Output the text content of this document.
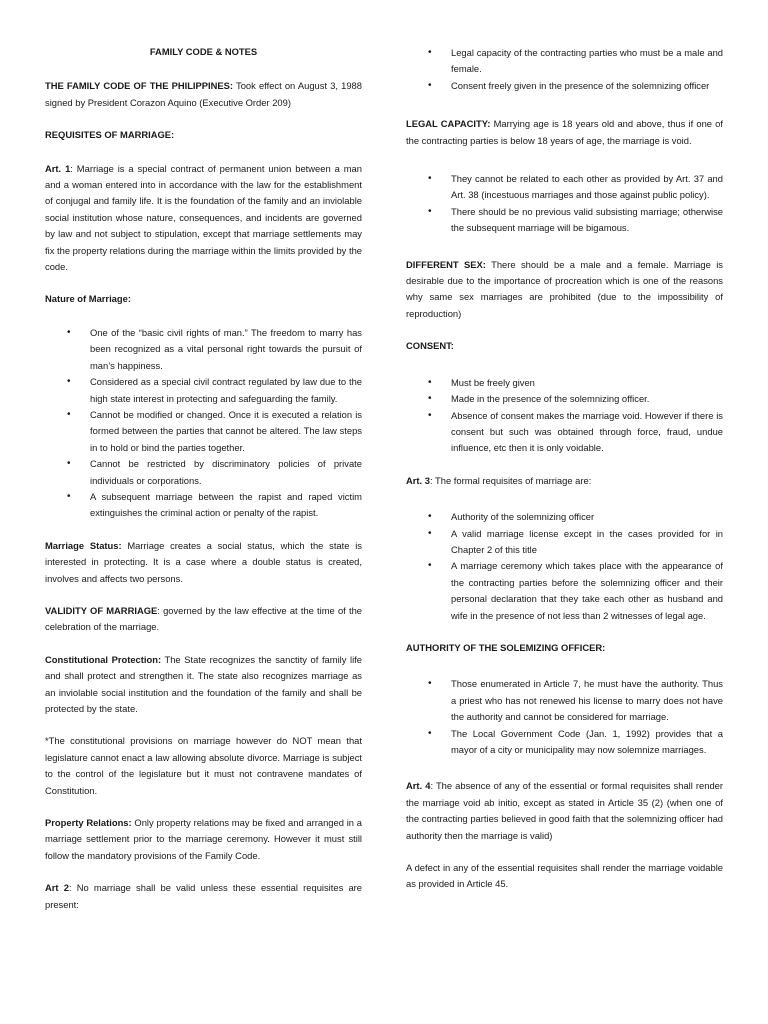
FAMILY CODE & NOTES

THE FAMILY CODE OF THE PHILIPPINES: Took effect on August 3, 1988 signed by President Corazon Aquino (Executive Order 209)

REQUISITES OF MARRIAGE:

Art. 1: Marriage is a special contract of permanent union between a man and a woman entered into in accordance with the law for the establishment of conjugal and family life. It is the foundation of the family and an inviolable social institution whose nature, consequences, and incidents are governed by law and not subject to stipulation, except that marriage settlements may fix the property relations during the marriage within the limits provided by the code.

Nature of Marriage:
• One of the “basic civil rights of man.” The freedom to marry has been recognized as a vital personal right towards the pursuit of man’s happiness.
• Considered as a special civil contract regulated by law due to the high state interest in protecting and safeguarding the family.
• Cannot be modified or changed. Once it is executed a relation is formed between the parties that cannot be altered. The law steps in to hold or bind the parties together.
• Cannot be restricted by discriminatory policies of private individuals or corporations.
• A subsequent marriage between the rapist and raped victim extinguishes the criminal action or penalty of the rapist.

Marriage Status: Marriage creates a social status, which the state is interested in protecting. It is a case where a double status is created, involves and affects two persons.

VALIDITY OF MARRIAGE: governed by the law effective at the time of the celebration of the marriage.

Constitutional Protection: The State recognizes the sanctity of family life and shall protect and strengthen it. The state also recognizes marriage as an inviolable social institution and the foundation of the family and shall be protected by the state.

*The constitutional provisions on marriage however do NOT mean that legislature cannot enact a law allowing absolute divorce. Marriage is subject to the control of the legislature but it must not contravene mandates of Constitution.

Property Relations: Only property relations may be fixed and arranged in a marriage settlement prior to the marriage ceremony. However it must still follow the mandatory provisions of the Family Code.

Art 2: No marriage shall be valid unless these essential requisites are present:

• Legal capacity of the contracting parties who must be a male and female.
• Consent freely given in the presence of the solemnizing officer

LEGAL CAPACITY: Marrying age is 18 years old and above, thus if one of the contracting parties is below 18 years of age, the marriage is void.

• They cannot be related to each other as provided by Art. 37 and Art. 38 (incestuous marriages and those against public policy).
• There should be no previous valid subsisting marriage; otherwise the subsequent marriage will be bigamous.

DIFFERENT SEX: There should be a male and a female. Marriage is desirable due to the importance of procreation which is one of the reasons why same sex marriages are prohibited (due to the impossibility of reproduction)

CONSENT:
• Must be freely given
• Made in the presence of the solemnizing officer.
• Absence of consent makes the marriage void. However if there is consent but such was obtained through force, fraud, undue influence, etc then it is only voidable.

Art. 3: The formal requisites of marriage are:

• Authority of the solemnizing officer
• A valid marriage license except in the cases provided for in Chapter 2 of this title
• A marriage ceremony which takes place with the appearance of the contracting parties before the solemnizing officer and their personal declaration that they take each other as husband and wife in the presence of not less than 2 witnesses of legal age.
AUTHORITY OF THE SOLEMIZING OFFICER:
• Those enumerated in Article 7, he must have the authority. Thus a priest who has not renewed his license to marry does not have the authority and cannot be considered for marriage.
• The Local Government Code (Jan. 1, 1992) provides that a mayor of a city or municipality may now solemnize marriages.

Art. 4: The absence of any of the essential or formal requisites shall render the marriage void ab initio, except as stated in Article 35 (2) (when one of the contracting parties believed in good faith that the solemnizing officer had authority then the marriage is valid)

A defect in any of the essential requisites shall render the marriage voidable as provided in Article 45.
